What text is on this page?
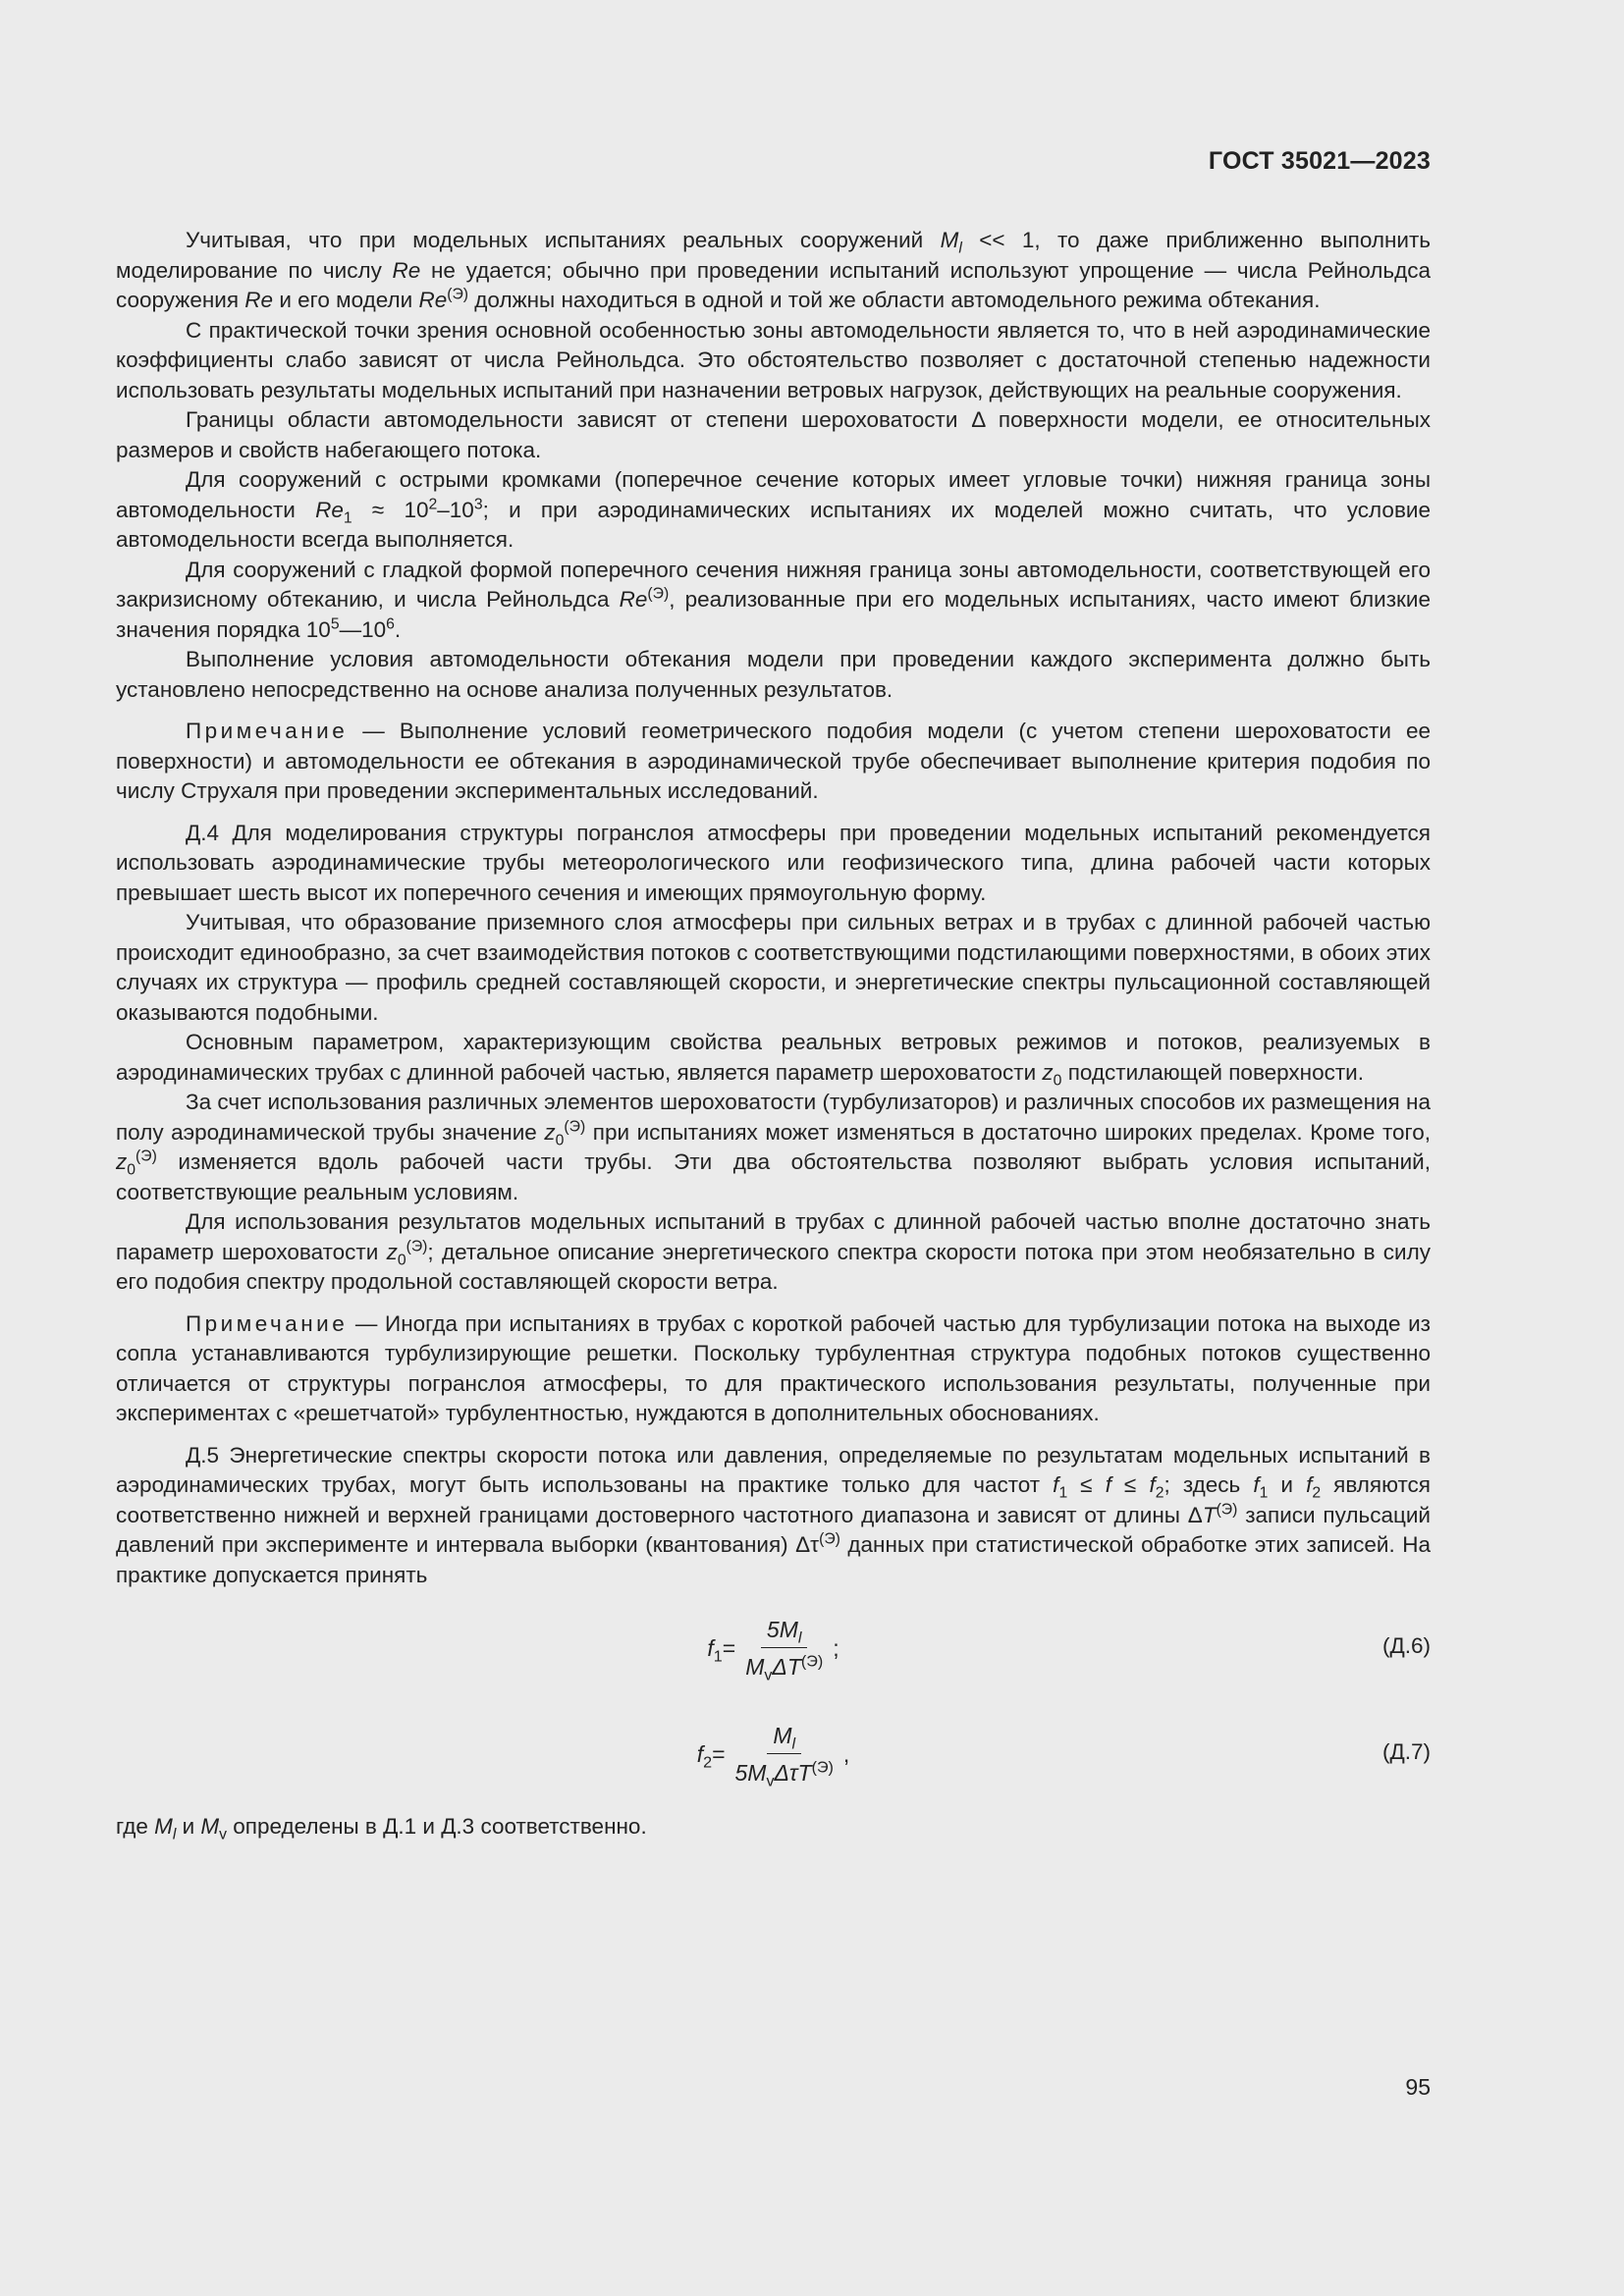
ГОСТ 35021—2023

Учитывая, что при модельных испытаниях реальных сооружений $M_l << 1$, то даже приближенно выполнить моделирование по числу Re не удается; обычно при проведении испытаний используют упрощение — числа Рейнольдса сооружения Re и его модели $Re^{(Э)}$ должны находиться в одной и той же области автомодельного режима обтекания.

С практической точки зрения основной особенностью зоны автомодельности является то, что в ней аэродинамические коэффициенты слабо зависят от числа Рейнольдса. Это обстоятельство позволяет с достаточной степенью надежности использовать результаты модельных испытаний при назначении ветровых нагрузок, действующих на реальные сооружения.

Границы области автомодельности зависят от степени шероховатости Δ поверхности модели, ее относительных размеров и свойств набегающего потока.

Для сооружений с острыми кромками (поперечное сечение которых имеет угловые точки) нижняя граница зоны автомодельности $Re_1 \approx 10^2-10^3$; и при аэродинамических испытаниях их моделей можно считать, что условие автомодельности всегда выполняется.

Для сооружений с гладкой формой поперечного сечения нижняя граница зоны автомодельности, соответствующей его закризисному обтеканию, и числа Рейнольдса $Re^{(Э)}$, реализованные при его модельных испытаниях, часто имеют близкие значения порядка $10^5—10^6$.

Выполнение условия автомодельности обтекания модели при проведении каждого эксперимента должно быть установлено непосредственно на основе анализа полученных результатов.

Примечание — Выполнение условий геометрического подобия модели (с учетом степени шероховатости ее поверхности) и автомодельности ее обтекания в аэродинамической трубе обеспечивает выполнение критерия подобия по числу Струхаля при проведении экспериментальных исследований.

Д.4 Для моделирования структуры погранслоя атмосферы при проведении модельных испытаний рекомендуется использовать аэродинамические трубы метеорологического или геофизического типа, длина рабочей части которых превышает шесть высот их поперечного сечения и имеющих прямоугольную форму.

Учитывая, что образование приземного слоя атмосферы при сильных ветрах и в трубах с длинной рабочей частью происходит единообразно, за счет взаимодействия потоков с соответствующими подстилающими поверхностями, в обоих этих случаях их структура — профиль средней составляющей скорости, и энергетические спектры пульсационной составляющей оказываются подобными.

Основным параметром, характеризующим свойства реальных ветровых режимов и потоков, реализуемых в аэродинамических трубах с длинной рабочей частью, является параметр шероховатости $z_0$ подстилающей поверхности.

За счет использования различных элементов шероховатости (турбулизаторов) и различных способов их размещения на полу аэродинамической трубы значение $z_0^{(Э)}$ при испытаниях может изменяться в достаточно широких пределах. Кроме того, $z_0^{(Э)}$ изменяется вдоль рабочей части трубы. Эти два обстоятельства позволяют выбрать условия испытаний, соответствующие реальным условиям.

Для использования результатов модельных испытаний в трубах с длинной рабочей частью вполне достаточно знать параметр шероховатости $z_0^{(Э)}$; детальное описание энергетического спектра скорости потока при этом необязательно в силу его подобия спектру продольной составляющей скорости ветра.

Примечание — Иногда при испытаниях в трубах с короткой рабочей частью для турбулизации потока на выходе из сопла устанавливаются турбулизирующие решетки. Поскольку турбулентная структура подобных потоков существенно отличается от структуры погранслоя атмосферы, то для практического использования результаты, полученные при экспериментах с «решетчатой» турбулентностью, нуждаются в дополнительных обоснованиях.

Д.5 Энергетические спектры скорости потока или давления, определяемые по результатам модельных испытаний в аэродинамических трубах, могут быть использованы на практике только для частот $f_1 \le f \le f_2$; здесь $f_1$ и $f_2$ являются соответственно нижней и верхней границами достоверного частотного диапазона и зависят от длины $\Delta T^{(Э)}$ записи пульсаций давлений при эксперименте и интервала выборки (квантования) $\Delta\tau^{(Э)}$ данных при статистической обработке этих записей. На практике допускается принять

$f_1 = \frac{5M_l}{M_v\Delta T^{(Э)}}$ ;	(Д.6)
$f_2 = \frac{M_l}{5M_v\Delta\tau T^{(Э)}}$ ,	(Д.7)

где $M_l$ и $M_v$ определены в Д.1 и Д.3 соответственно.

95
